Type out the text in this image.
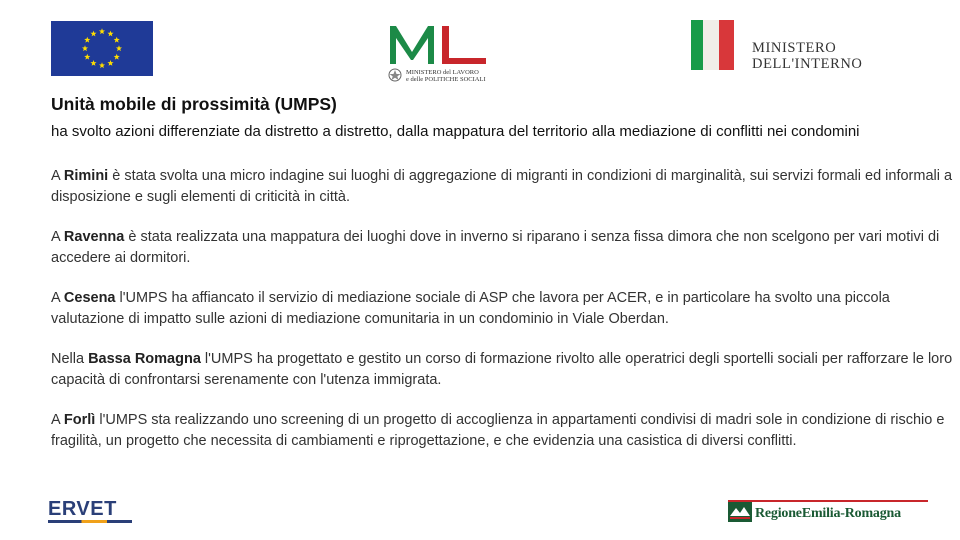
ML
MINISTERO del LAVORO
e delle POLITICHE SOCIALI
MINISTERO
DELL'INTERNO
Unità mobile di prossimità (UMPS)

ha svolto azioni differenziate da distretto a distretto, dalla mappatura del territorio alla mediazione di conflitti nei condomini

A Rimini è stata svolta una micro indagine sui luoghi di aggregazione di migranti in condizioni di marginalità, sui servizi formali ed informali a disposizione e sugli elementi di criticità in città.

A Ravenna è stata realizzata una mappatura dei luoghi dove in inverno si riparano i senza fissa dimora che non scelgono per vari motivi di accedere ai dormitori.

A Cesena l'UMPS ha affiancato il servizio di mediazione sociale di ASP che lavora per ACER, e in particolare ha svolto una piccola valutazione di impatto sulle azioni di mediazione comunitaria in un condominio in Viale Oberdan.

Nella Bassa Romagna l'UMPS ha progettato e gestito un corso di formazione rivolto alle operatrici degli sportelli sociali per rafforzare le loro capacità di confrontarsi serenamente con l'utenza immigrata.

A Forlì l'UMPS sta realizzando uno screening di un progetto di accoglienza in appartamenti condivisi di madri sole in condizione di rischio e fragilità, un progetto che necessita di cambiamenti e riprogettazione, e che evidenzia una casistica di diversi conflitti.

ERVET	RegioneEmilia-Romagna
